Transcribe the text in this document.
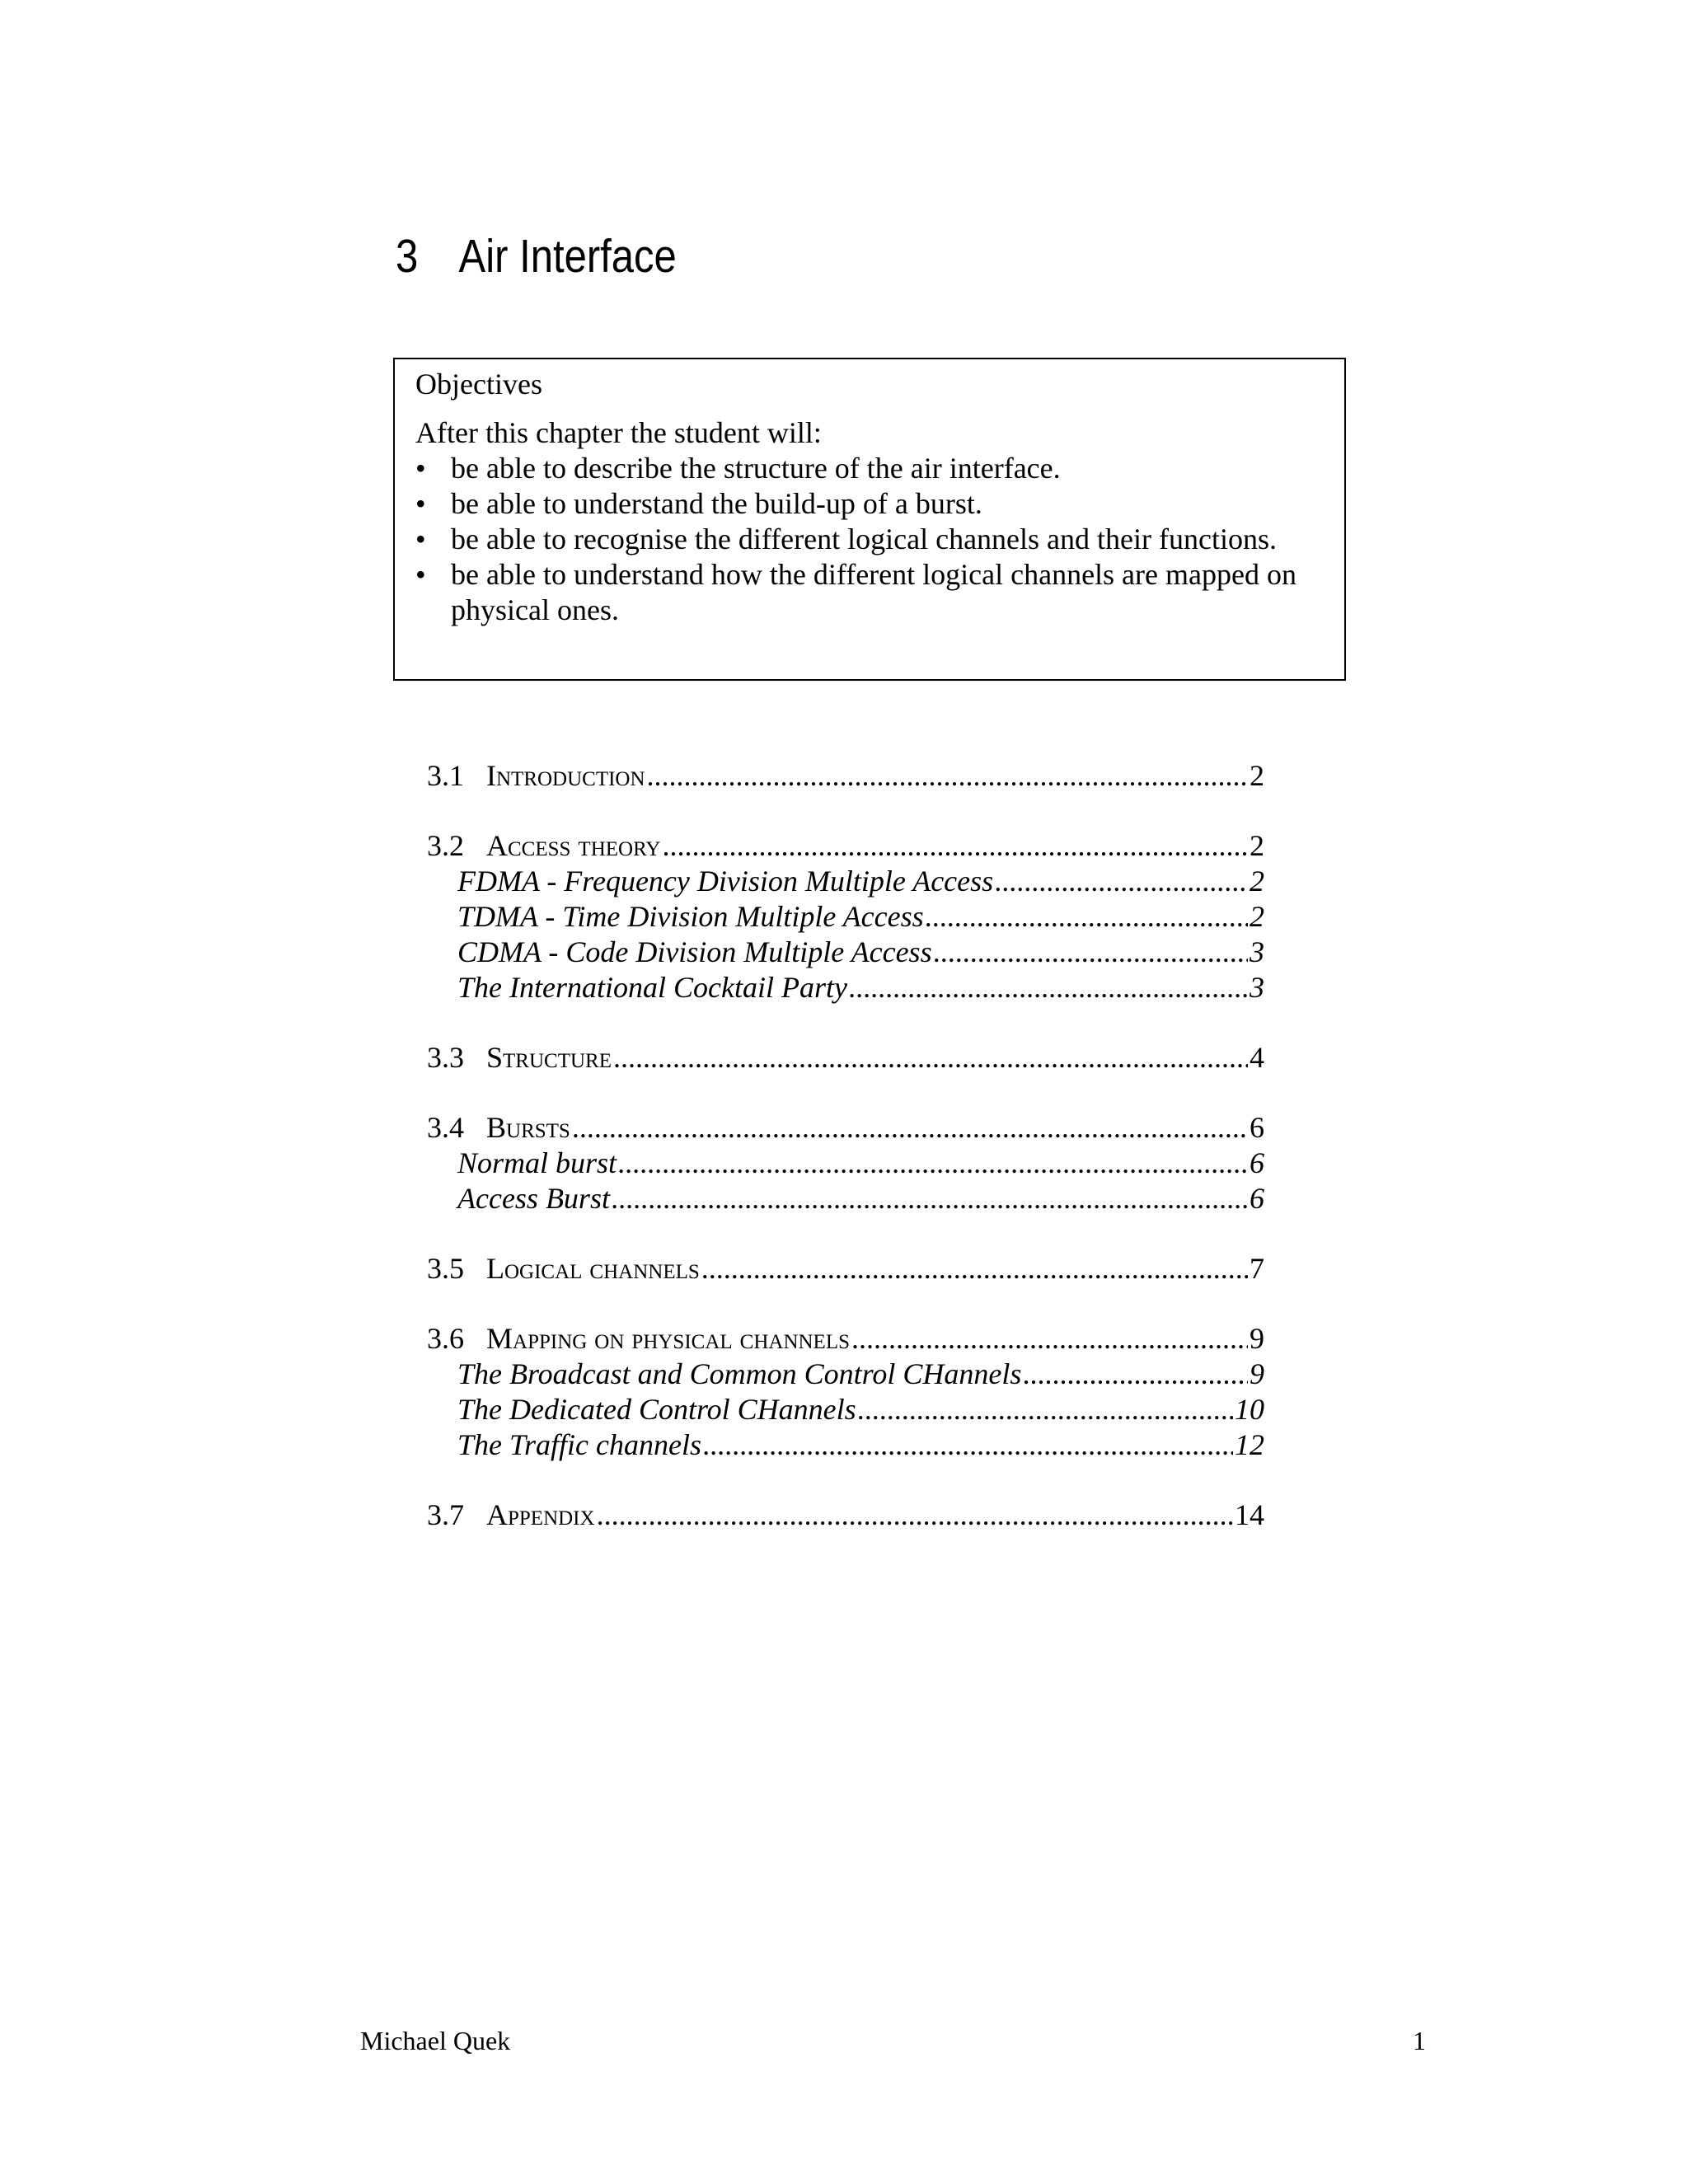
3 Air Interface
Objectives
After this chapter the student will:
• be able to describe the structure of the air interface.
• be able to understand the build-up of a burst.
• be able to recognise the different logical channels and their functions.
• be able to understand how the different logical channels are mapped on physical ones.
3.1 Introduction .....	2
3.2 Access theory .....	2
FDMA - Frequency Division Multiple Access .....	2
TDMA - Time Division Multiple Access .....	2
CDMA - Code Division Multiple Access .....	3
The International Cocktail Party .....	3
3.3 Structure .....	4
3.4 Bursts .....	6
Normal burst .....	6
Access Burst .....	6
3.5 Logical channels .....	7
3.6 Mapping on physical channels .....	9
The Broadcast and Common Control CHannels .....	9
The Dedicated Control CHannels .....	10
The Traffic channels .....	12
3.7 Appendix .....	14
Michael Quek	1
